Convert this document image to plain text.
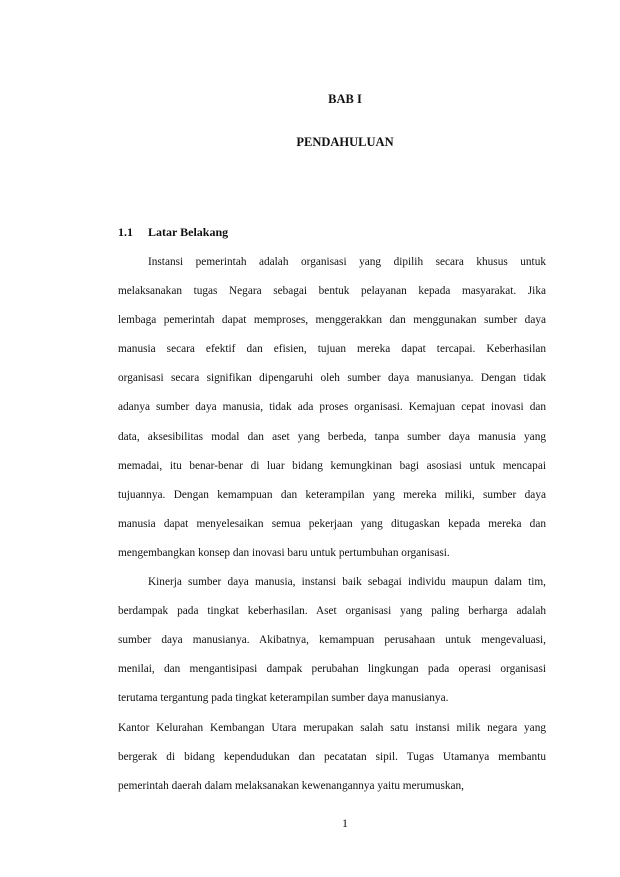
BAB I
PENDAHULUAN
1.1 Latar Belakang
Instansi pemerintah adalah organisasi yang dipilih secara khusus untuk
melaksanakan tugas Negara sebagai bentuk pelayanan kepada masyarakat. Jika
lembaga pemerintah dapat memproses, menggerakkan dan menggunakan sumber daya
manusia secara efektif dan efisien, tujuan mereka dapat tercapai. Keberhasilan
organisasi secara signifikan dipengaruhi oleh sumber daya manusianya. Dengan tidak
adanya sumber daya manusia, tidak ada proses organisasi. Kemajuan cepat inovasi dan
data, aksesibilitas modal dan aset yang berbeda, tanpa sumber daya manusia yang
memadai, itu benar-benar di luar bidang kemungkinan bagi asosiasi untuk mencapai
tujuannya. Dengan kemampuan dan keterampilan yang mereka miliki, sumber daya
manusia dapat menyelesaikan semua pekerjaan yang ditugaskan kepada mereka dan
mengembangkan konsep dan inovasi baru untuk pertumbuhan organisasi.
Kinerja sumber daya manusia, instansi baik sebagai individu maupun dalam tim,
berdampak pada tingkat keberhasilan. Aset organisasi yang paling berharga adalah
sumber daya manusianya. Akibatnya, kemampuan perusahaan untuk mengevaluasi,
menilai, dan mengantisipasi dampak perubahan lingkungan pada operasi organisasi
terutama tergantung pada tingkat keterampilan sumber daya manusianya.
Kantor Kelurahan Kembangan Utara merupakan salah satu instansi milik negara yang
bergerak di bidang kependudukan dan pecatatan sipil. Tugas Utamanya membantu
pemerintah daerah dalam melaksanakan kewenangannya yaitu merumuskan,
1
